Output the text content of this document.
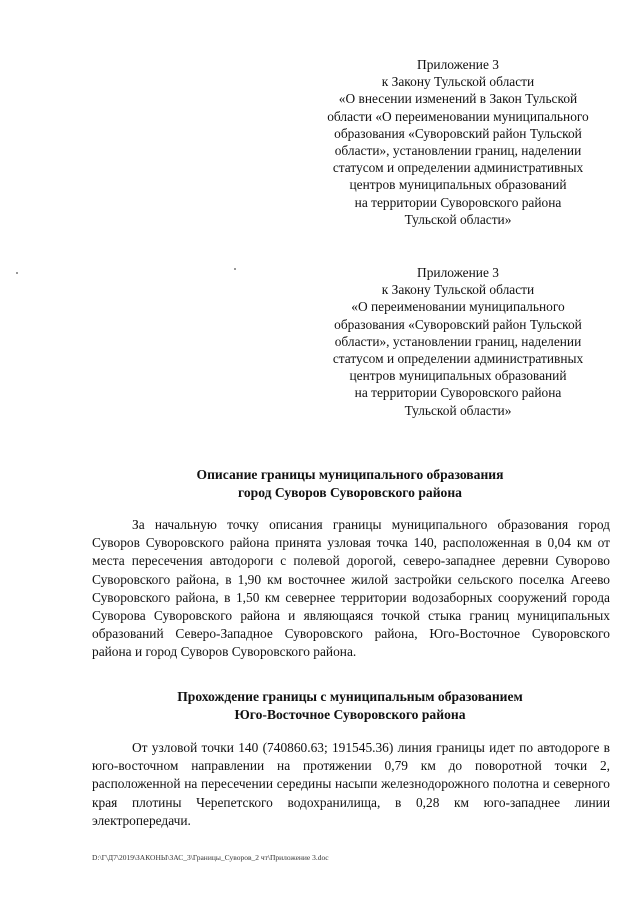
Приложение 3
к Закону Тульской области
«О внесении изменений в Закон Тульской
области «О переименовании муниципального
образования «Суворовский район Тульской
области», установлении границ, наделении
статусом и определении административных
центров муниципальных образований
на территории Суворовского района
Тульской области»
Приложение 3
к Закону Тульской области
«О переименовании муниципального
образования «Суворовский район Тульской
области», установлении границ, наделении
статусом и определении административных
центров муниципальных образований
на территории Суворовского района
Тульской области»
Описание границы муниципального образования
город Суворов Суворовского района

За начальную точку описания границы муниципального образования город Суворов Суворовского района принята узловая точка 140, расположенная в 0,04 км от места пересечения автодороги с полевой дорогой, северо-западнее деревни Суворово Суворовского района, в 1,90 км восточнее жилой застройки сельского поселка Агеево Суворовского района, в 1,50 км севернее территории водозаборных сооружений города Суворова Суворовского района и являющаяся точкой стыка границ муниципальных образований Северо-Западное Суворовского района, Юго-Восточное Суворовского района и город Суворов Суворовского района.

Прохождение границы с муниципальным образованием
Юго-Восточное Суворовского района

От узловой точки 140 (740860.63; 191545.36) линия границы идет по автодороге в юго-восточном направлении на протяжении 0,79 км до поворотной точки 2, расположенной на пересечении середины насыпи железнодорожного полотна и северного края плотины Черепетского водохранилища, в 0,28 км юго-западнее линии электропередачи.

D:\Г\Д7\2019\ЗАКОНЫ\ЗАС_3\Границы_Суворов_2 чт\Приложение 3.doc
